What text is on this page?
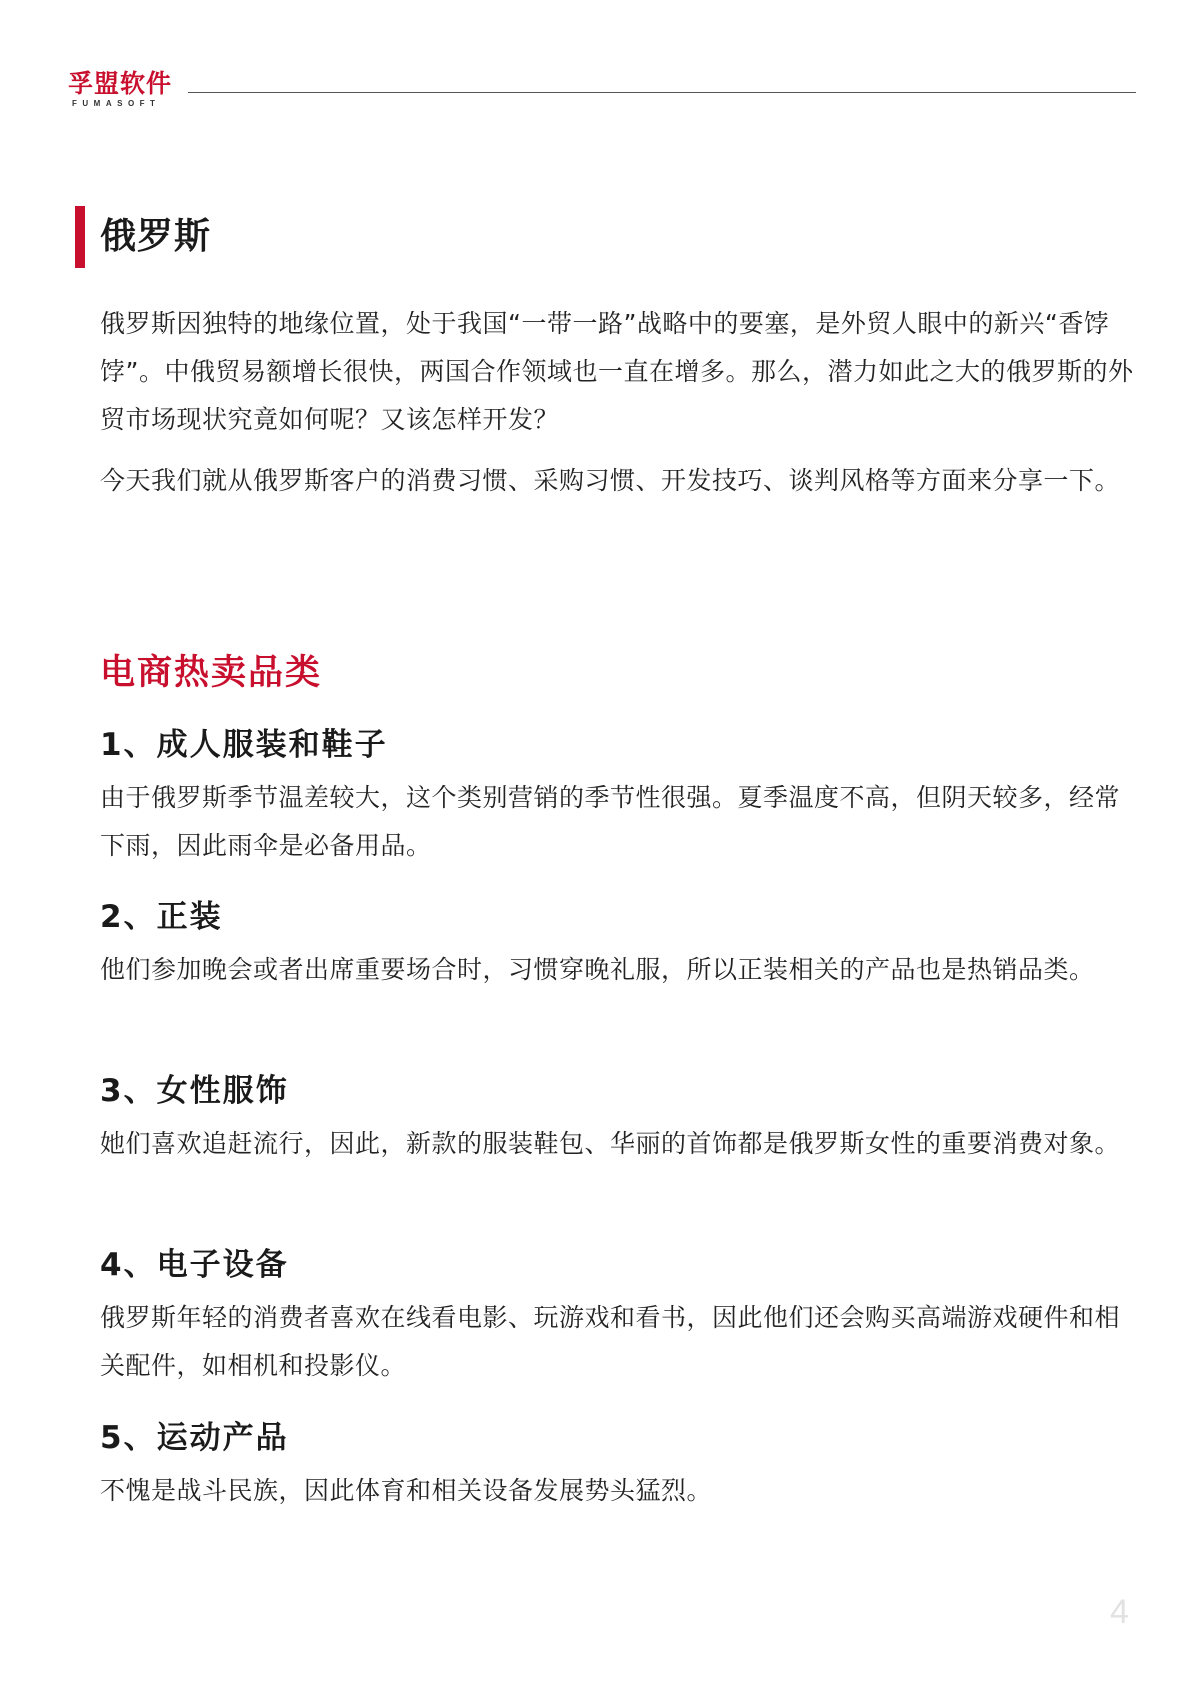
孚盟软件
FUMASOFT
俄罗斯

俄罗斯因独特的地缘位置，处于我国“一带一路”战略中的要塞，是外贸人眼中的新兴“香饽饽”。中俄贸易额增长很快，两国合作领域也一直在增多。那么，潜力如此之大的俄罗斯的外贸市场现状究竟如何呢？又该怎样开发？

今天我们就从俄罗斯客户的消费习惯、采购习惯、开发技巧、谈判风格等方面来分享一下。

电商热卖品类
1、成人服装和鞋子

由于俄罗斯季节温差较大，这个类别营销的季节性很强。夏季温度不高，但阴天较多，经常下雨，因此雨伞是必备用品。

2、正装

他们参加晚会或者出席重要场合时，习惯穿晚礼服，所以正装相关的产品也是热销品类。

3、女性服饰

她们喜欢追赶流行，因此，新款的服装鞋包、华丽的首饰都是俄罗斯女性的重要消费对象。

4、电子设备

俄罗斯年轻的消费者喜欢在线看电影、玩游戏和看书，因此他们还会购买高端游戏硬件和相关配件，如相机和投影仪。

5、运动产品

不愧是战斗民族，因此体育和相关设备发展势头猛烈。

4
